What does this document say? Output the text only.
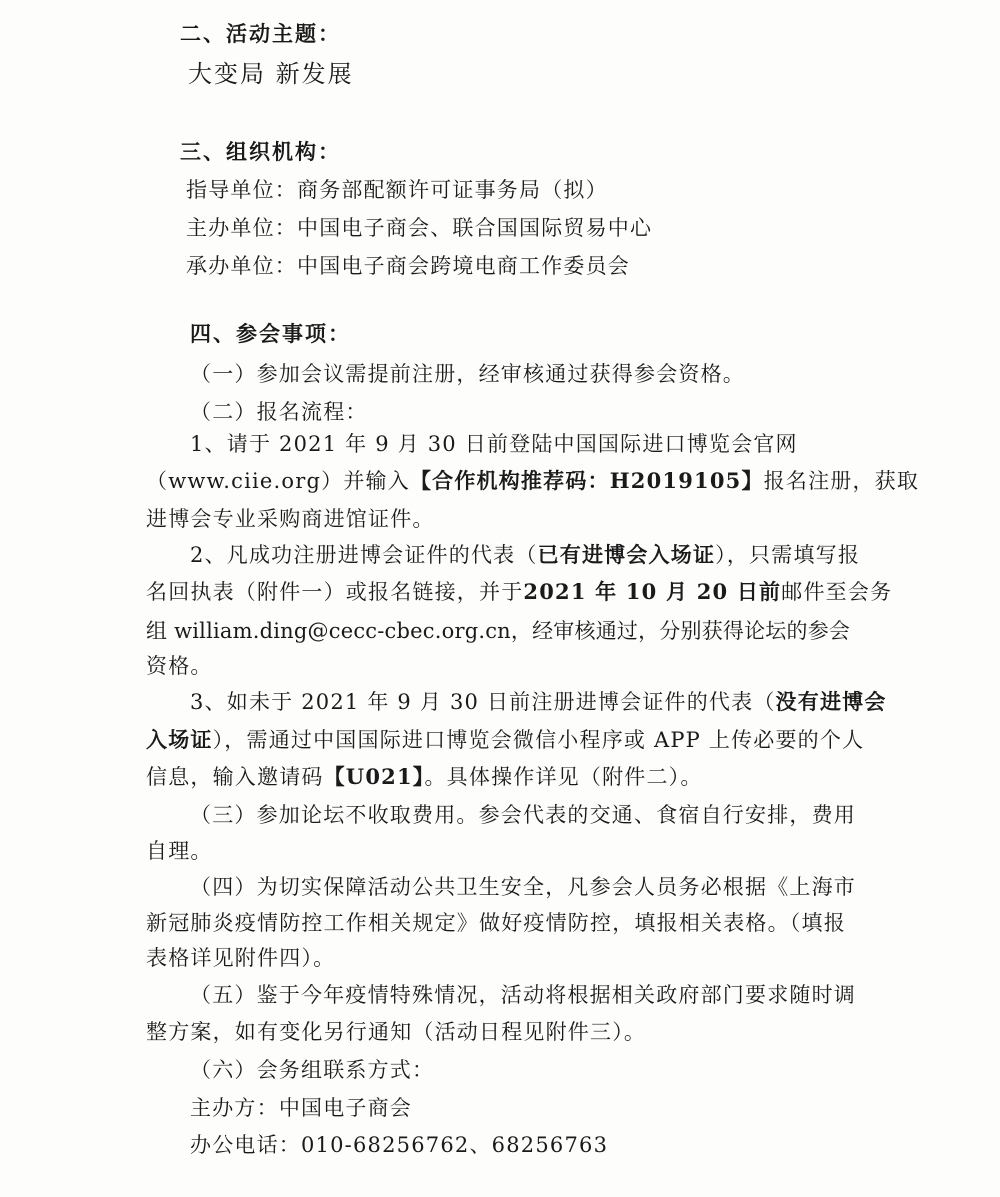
二、活动主题：
大变局 新发展
三、组织机构：
指导单位：商务部配额许可证事务局（拟）
主办单位：中国电子商会、联合国国际贸易中心
承办单位：中国电子商会跨境电商工作委员会
四、参会事项：
（一）参加会议需提前注册，经审核通过获得参会资格。
（二）报名流程：
1、请于 2021 年 9 月 30 日前登陆中国国际进口博览会官网
（www.ciie.org）并输入【合作机构推荐码：H2019105】报名注册，获取
进博会专业采购商进馆证件。
2、凡成功注册进博会证件的代表（已有进博会入场证），只需填写报
名回执表（附件一）或报名链接，并于2021 年 10 月 20 日前邮件至会务
组 william.ding@cecc-cbec.org.cn，经审核通过，分别获得论坛的参会
资格。
3、如未于 2021 年 9 月 30 日前注册进博会证件的代表（没有进博会
入场证），需通过中国国际进口博览会微信小程序或 APP 上传必要的个人
信息，输入邀请码【U021】。具体操作详见（附件二）。
（三）参加论坛不收取费用。参会代表的交通、食宿自行安排，费用
自理。
（四）为切实保障活动公共卫生安全，凡参会人员务必根据《上海市
新冠肺炎疫情防控工作相关规定》做好疫情防控，填报相关表格。（填报
表格详见附件四）。
（五）鉴于今年疫情特殊情况，活动将根据相关政府部门要求随时调
整方案，如有变化另行通知（活动日程见附件三）。
（六）会务组联系方式：
主办方：中国电子商会
办公电话：010-68256762、68256763
